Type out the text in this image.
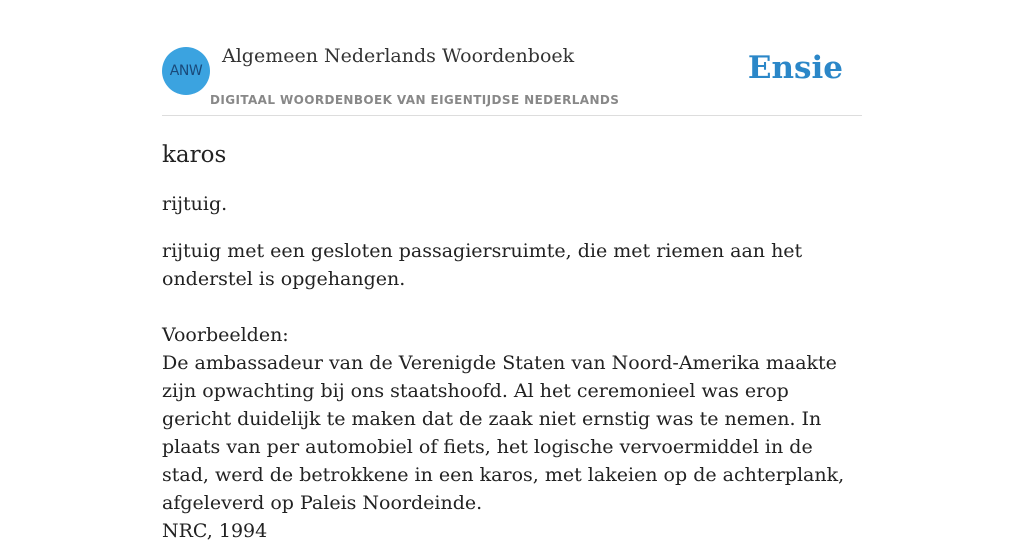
ANW
Algemeen Nederlands Woordenboek
DIGITAAL WOORDENBOEK VAN EIGENTIJDSE NEDERLANDS
Ensie
karos

rijtuig.

rijtuig met een gesloten passagiersruimte, die met riemen aan het onderstel is opgehangen.

Voorbeelden:

De ambassadeur van de Verenigde Staten van Noord-Amerika maakte zijn opwachting bij ons staatshoofd. Al het ceremonieel was erop gericht duidelijk te maken dat de zaak niet ernstig was te nemen. In plaats van per automobiel of fiets, het logische vervoermiddel in de stad, werd de betrokkene in een karos, met lakeien op de achterplank, afgeleverd op Paleis Noordeinde.

NRC, 1994
